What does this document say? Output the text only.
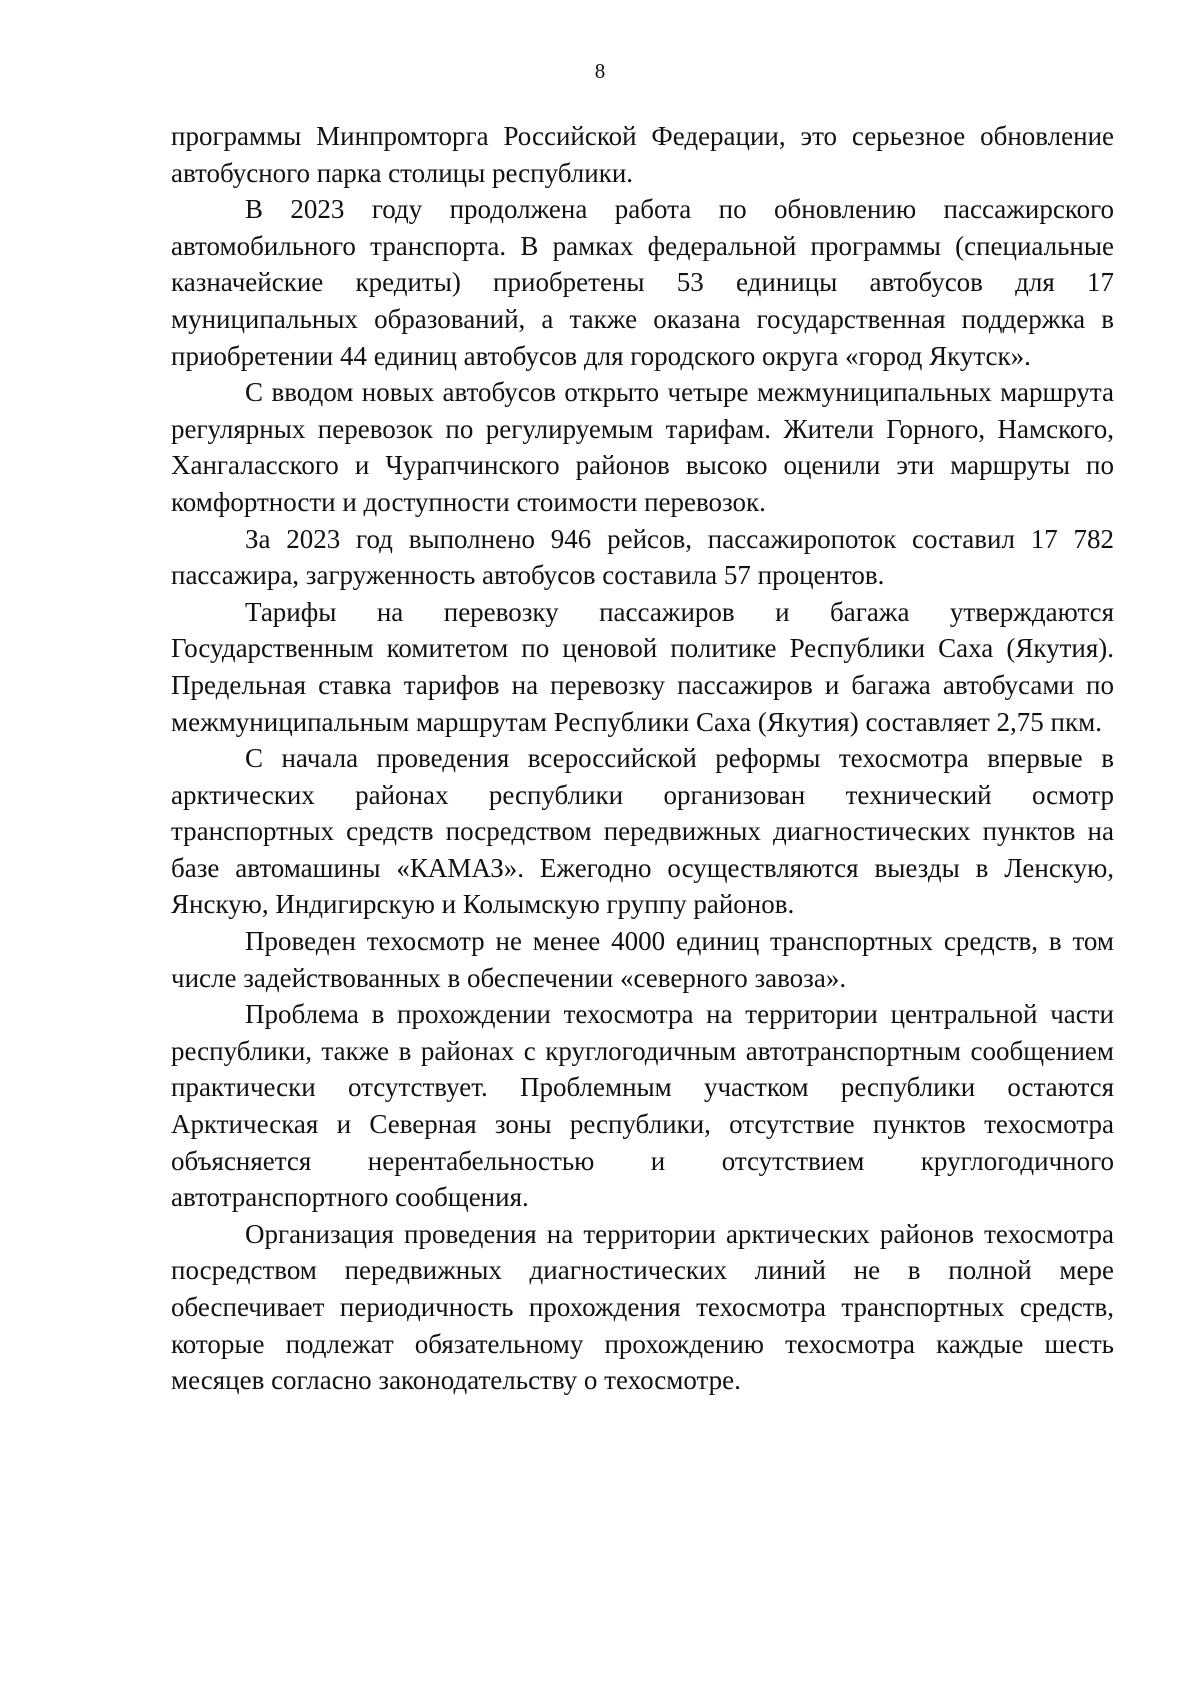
8

программы Минпромторга Российской Федерации, это серьезное обновление автобусного парка столицы республики.

В 2023 году продолжена работа по обновлению пассажирского автомобильного транспорта. В рамках федеральной программы (специальные казначейские кредиты) приобретены 53 единицы автобусов для 17 муниципальных образований, а также оказана государственная поддержка в приобретении 44 единиц автобусов для городского округа «город Якутск».

С вводом новых автобусов открыто четыре межмуниципальных маршрута регулярных перевозок по регулируемым тарифам. Жители Горного, Намского, Хангаласского и Чурапчинского районов высоко оценили эти маршруты по комфортности и доступности стоимости перевозок.

За 2023 год выполнено 946 рейсов, пассажиропоток составил 17 782 пассажира, загруженность автобусов составила 57 процентов.

Тарифы на перевозку пассажиров и багажа утверждаются Государственным комитетом по ценовой политике Республики Саха (Якутия). Предельная ставка тарифов на перевозку пассажиров и багажа автобусами по межмуниципальным маршрутам Республики Саха (Якутия) составляет 2,75 пкм.

С начала проведения всероссийской реформы техосмотра впервые в арктических районах республики организован технический осмотр транспортных средств посредством передвижных диагностических пунктов на базе автомашины «КАМАЗ». Ежегодно осуществляются выезды в Ленскую, Янскую, Индигирскую и Колымскую группу районов.

Проведен техосмотр не менее 4000 единиц транспортных средств, в том числе задействованных в обеспечении «северного завоза».

Проблема в прохождении техосмотра на территории центральной части республики, также в районах с круглогодичным автотранспортным сообщением практически отсутствует. Проблемным участком республики остаются Арктическая и Северная зоны республики, отсутствие пунктов техосмотра объясняется нерентабельностью и отсутствием круглогодичного автотранспортного сообщения.

Организация проведения на территории арктических районов техосмотра посредством передвижных диагностических линий не в полной мере обеспечивает периодичность прохождения техосмотра транспортных средств, которые подлежат обязательному прохождению техосмотра каждые шесть месяцев согласно законодательству о техосмотре.
